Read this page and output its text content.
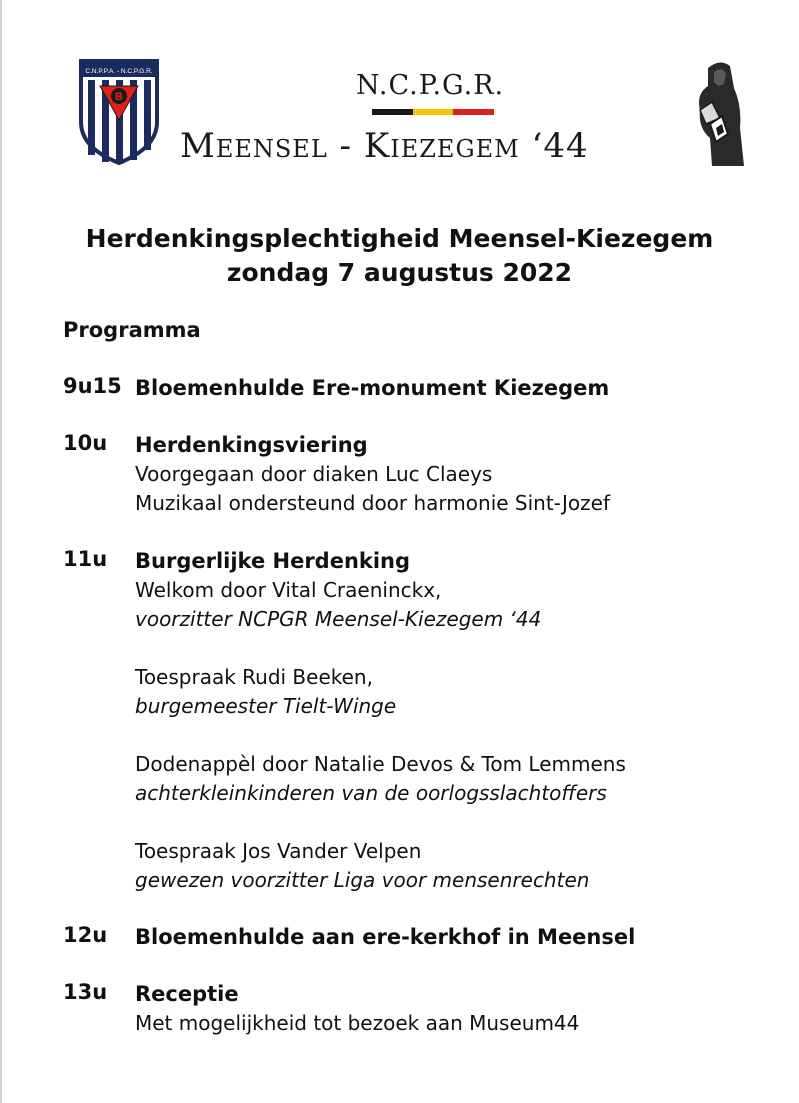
C.N.P.P.A. - N.C.P.G.R.
B	N.C.P.G.R.
Meensel - Kiezegem ‘44
Herdenkingsplechtigheid Meensel-Kiezegem
zondag 7 augustus 2022
Programma
9u15 Bloemenhulde Ere-monument Kiezegem
10u Herdenkingsviering
Voorgegaan door diaken Luc Claeys
Muzikaal ondersteund door harmonie Sint-Jozef
11u Burgerlijke Herdenking
Welkom door Vital Craeninckx,
voorzitter NCPGR Meensel-Kiezegem ‘44
Toespraak Rudi Beeken,
burgemeester Tielt-Winge
Dodenappèl door Natalie Devos & Tom Lemmens
achterkleinkinderen van de oorlogsslachtoffers
Toespraak Jos Vander Velpen
gewezen voorzitter Liga voor mensenrechten
12u Bloemenhulde aan ere-kerkhof in Meensel
13u Receptie
Met mogelijkheid tot bezoek aan Museum44
